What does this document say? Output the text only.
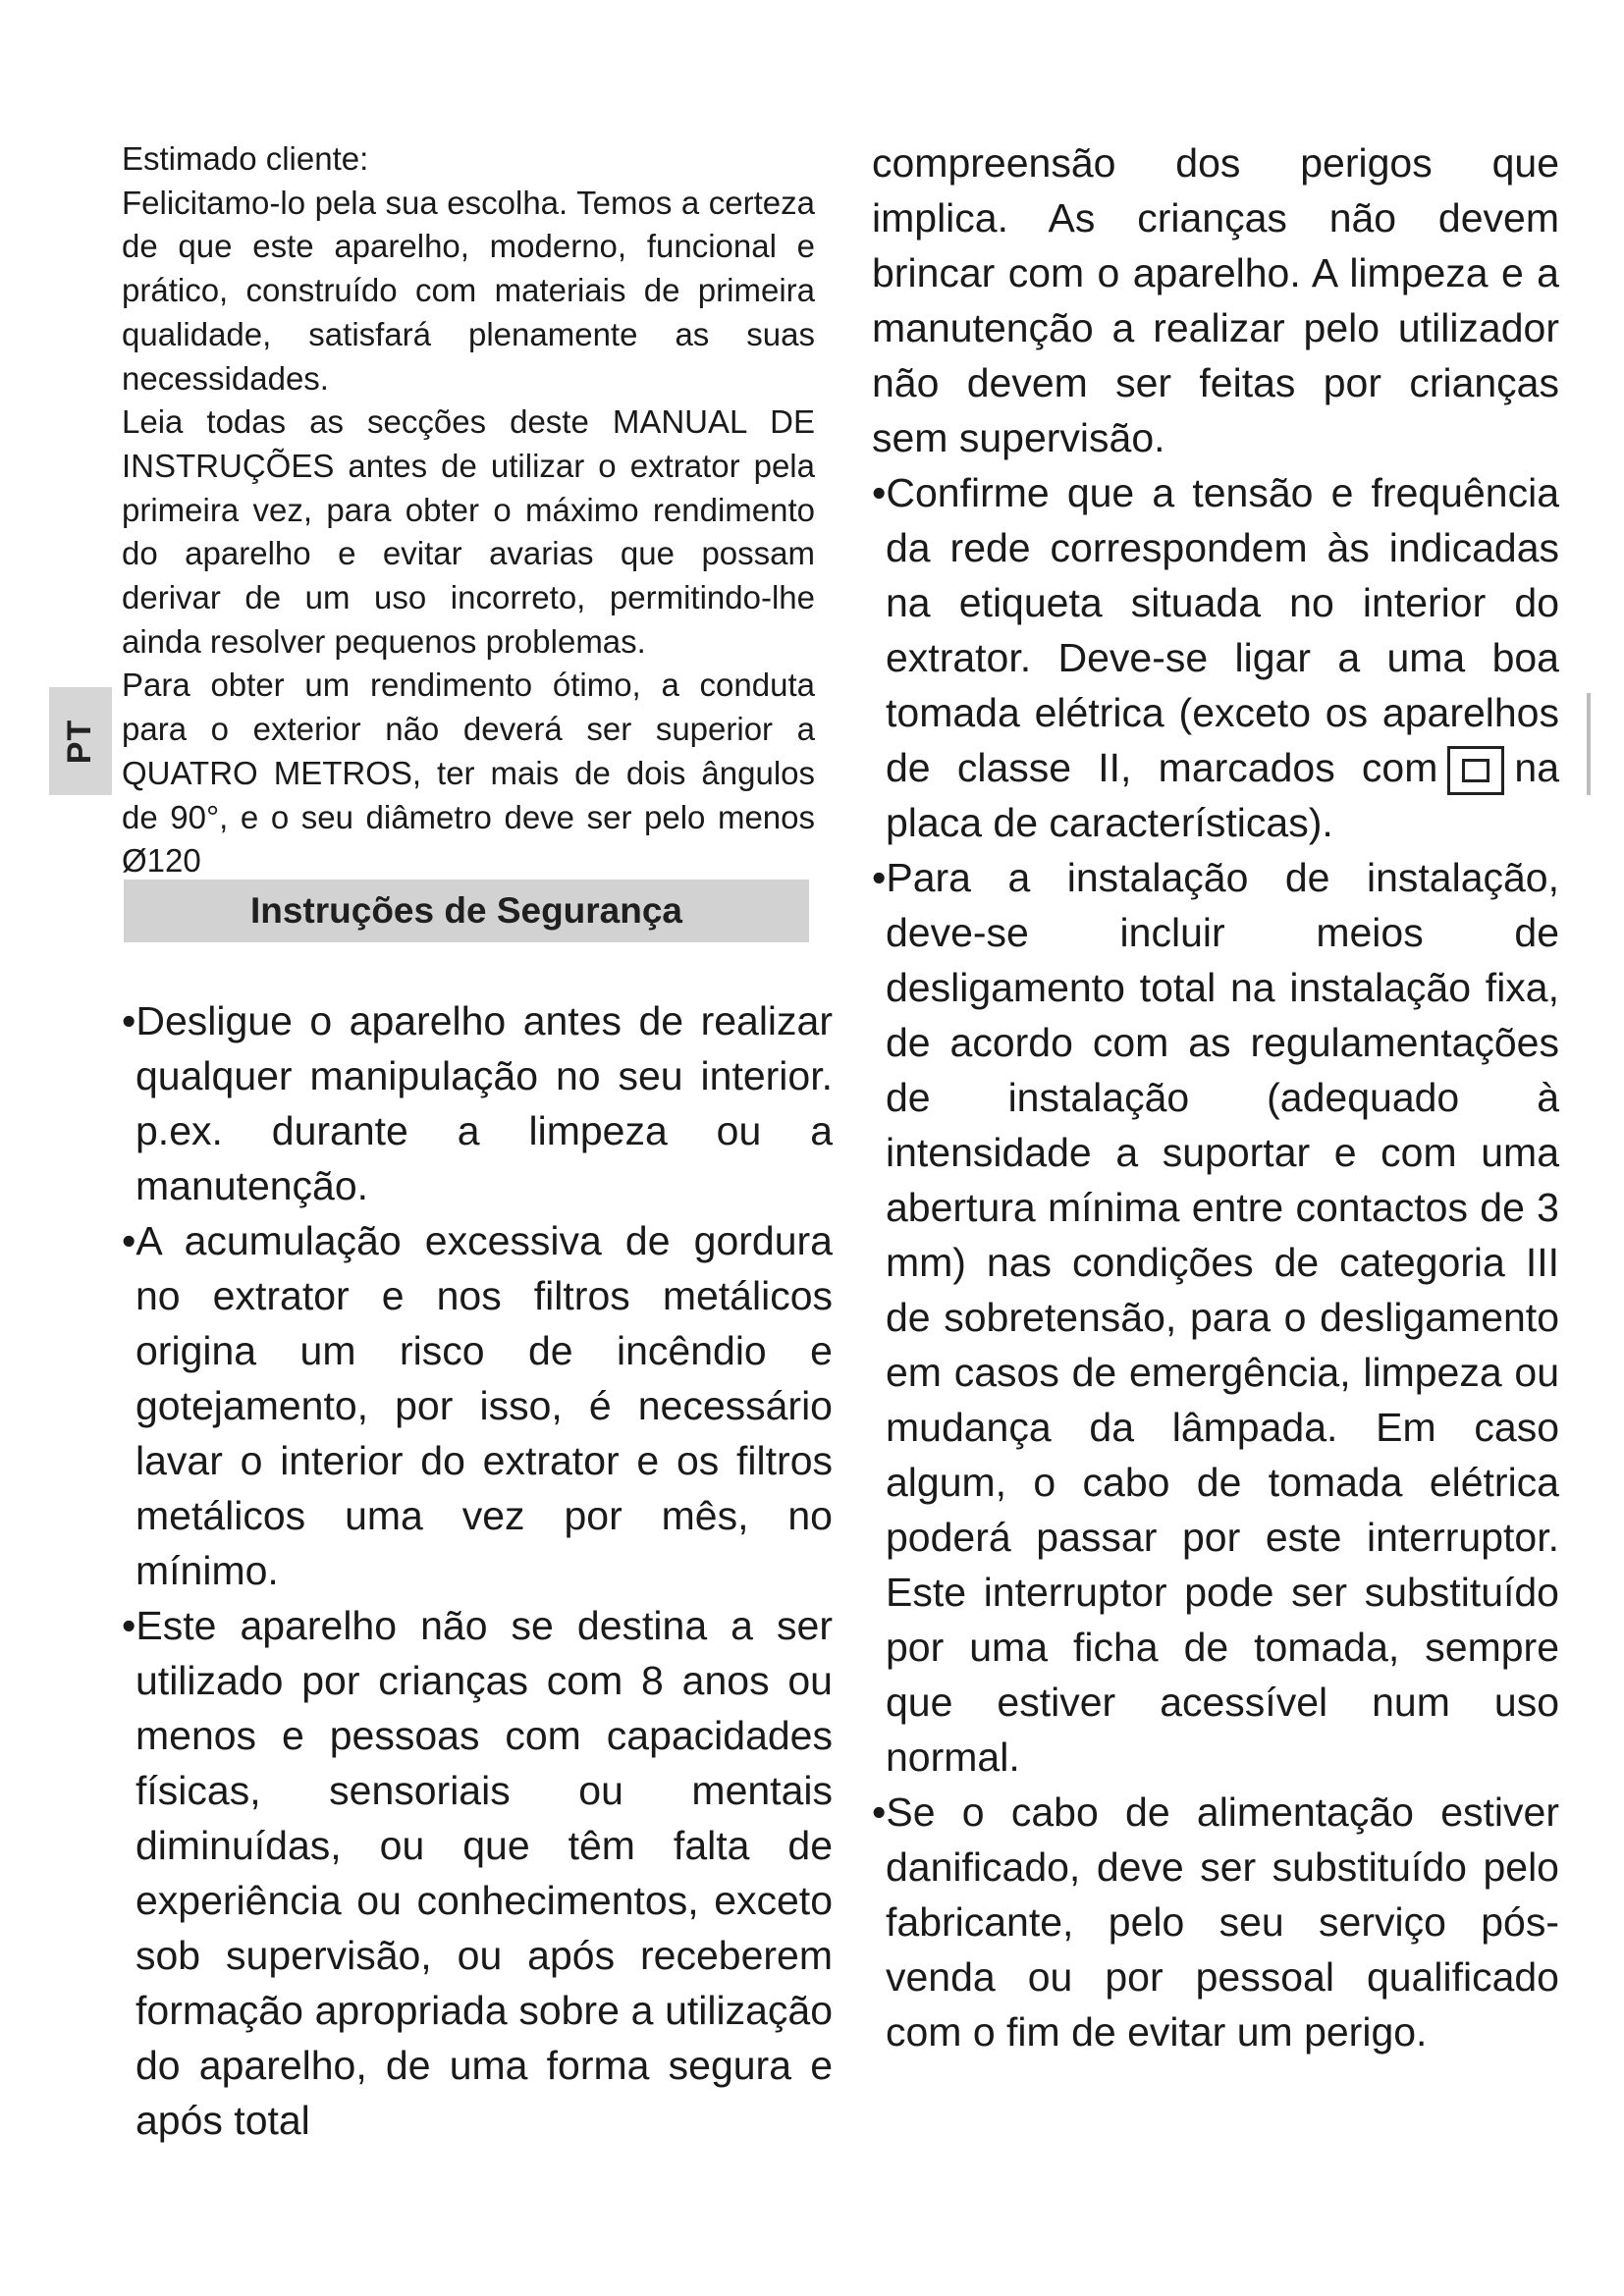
PT

Estimado cliente:

Felicitamo-lo pela sua escolha. Temos a certeza de que este aparelho, moderno, funcional e prático, construído com materiais de primeira qualidade, satisfará plenamente as suas necessidades.

Leia todas as secções deste MANUAL DE INSTRUÇÕES antes de utilizar o extrator pela primeira vez, para obter o máximo rendimento do aparelho e evitar avarias que possam derivar de um uso incorreto, permitindo-lhe ainda resolver pequenos problemas.

Para obter um rendimento ótimo, a conduta para o exterior não deverá ser superior a QUATRO METROS, ter mais de dois ângulos de 90°, e o seu diâmetro deve ser pelo menos Ø120

Instruções de Segurança

•Desligue o aparelho antes de realizar qualquer manipulação no seu interior. p.ex. durante a limpeza ou a manutenção.

•A acumulação excessiva de gordura no extrator e nos filtros metálicos origina um risco de incêndio e gotejamento, por isso, é necessário lavar o interior do extrator e os filtros metálicos uma vez por mês, no mínimo.

•Este aparelho não se destina a ser utilizado por crianças com 8 anos ou menos e pessoas com capacidades físicas, sensoriais ou mentais diminuídas, ou que têm falta de experiência ou conhecimentos, exceto sob supervisão, ou após receberem formação apropriada sobre a utilização do aparelho, de uma forma segura e após total

compreensão dos perigos que implica. As crianças não devem brincar com o aparelho. A limpeza e a manutenção a realizar pelo utilizador não devem ser feitas por crianças sem supervisão.

•Confirme que a tensão e frequência da rede correspondem às indicadas na etiqueta situada no interior do extrator. Deve-se ligar a uma boa tomada elétrica (exceto os aparelhos de classe II, marcados com na placa de características).

•Para a instalação de instalação, deve-se incluir meios de desligamento total na instalação fixa, de acordo com as regulamentações de instalação (adequado à intensidade a suportar e com uma abertura mínima entre contactos de 3 mm) nas condições de categoria III de sobretensão, para o desligamento em casos de emergência, limpeza ou mudança da lâmpada. Em caso algum, o cabo de tomada elétrica poderá passar por este interruptor. Este interruptor pode ser substituído por uma ficha de tomada, sempre que estiver acessível num uso normal.

•Se o cabo de alimentação estiver danificado, deve ser substituído pelo fabricante, pelo seu serviço pós-venda ou por pessoal qualificado com o fim de evitar um perigo.
